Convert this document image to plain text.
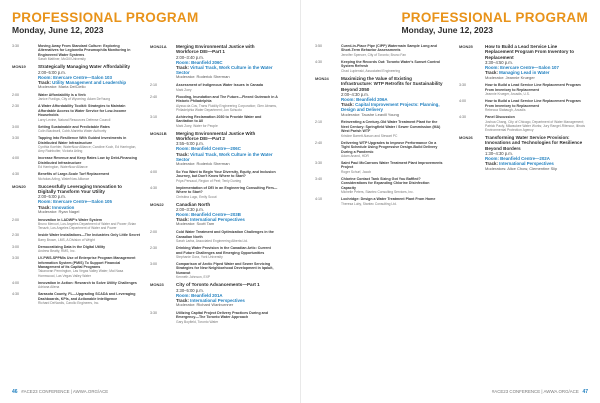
PROFESSIONAL PROGRAM
Monday, June 12, 2023
3:30	Moving Away From Standard Culture: Exploring Alternatives for Legionella Pneumophila Monitoring in Engineered Water Systems
Sarah Mattiner, McGill University
MON19	Strategically Managing Water Affordability
2:00–5:00 p.m.
Room: Enercare Centre—Salon 103
Track: Utility Management and Leadership
Moderator: Maria DelCiello
2:00	Water Affordability is a Verb
Janice Furdiga, City of Wyoming; Adam DeYoung
2:30	A Water Affordability Toolkit: Strategies to Maintain Affordable Access to Water Service for Low-Income Households
Larry Levine, Natural Resources Defense Council
3:00	Setting Sustainable and Predictable Rates
Colin Blackwell, Cobb-Marietta Water Authority
3:30	Tapping Into Resilience With Guided Investments in Distributed Water Infrastructure
Cynthia Koehler, WaterNow Alliance; Caroline Koch, Ed Harrington, Amy Rainbolter, Victoria Arling
4:00	Increase Revenue and Keep Rates Low by Debt-Financing Distributed Infrastructure
Ed Harrington, WaterNow Alliance
4:30	Benefits of Large-Scale Turf Replacement
Nicholas Arling, WaterNow Alliance
MON20	Successfully Leveraging Innovation to Digitally Transform Your Utility
2:00–5:00 p.m.
Room: Enercare Centre—Salon 105
Track: Innovation
Moderator: Ryan Nagel
2:00	Innovation in LADWP's Water System
Bruno Mercuri, Los Angeles Department of Water and Power; Brian Tenazb, Los Angeles Department of Water and Power
2:30	Inside Water Installations—The Industries Only Little Secret
Barry Brown, LMS, A Division of Wright
3:00	Democratizing Data in the Digital Utility
Andrew Beatty, RMS, Inc.
3:30	LV-PWS-SPPMis Use of Enterprise Program Management Information System (PMIS) To Support Financial Management of its Capital Programs
Takanoran Pennington, Las Vegas Valley Water; Mai Nasa Homswood, Las Vegas Valley Water
4:00	Innovation in Action: Research to Solve Utility Challenges
Adriana Allena
4:30	Sarasota County, FL—Upgrading SCADA and Leveraging Dashboards, KPIs, and Actionable Intelligence
Richard DeNardis, Carollo Engineers, Inc.
MON21A Merging Environmental Justice with Workforce DEI—Part 1
2:00–3:40 p.m.
Room: Beanfield 206C
Track: Virtual Track, Work Culture in the Water Sector
Moderator: Roderick Sherman
2:10	Assessment of Indigenous Water Issues in Canada
Mark Zoey
2:40	Flooding, Inundation and The Future—Flexed Outreach in A Historic Philadelphia
Alyssa da Cos, Trans Fluidity Engineering Corporation; Glen Abrams, Philadelphia Water Department; Jon Schuoto
3:10	Achieving Reclamation 2030 to Provide Water and Sanitation to All
Mark Zoey, Water for People
MON21B Merging Environmental Justice With Workforce DEI—Part 2
3:55–5:00 p.m.
Room: Beanfield Centre—206C
Track: Virtual Track, Work Culture in the Water Sector
Moderator: Roderick Sherman
4:00	So You Want to Begin Your Diversity, Equity, and Inclusion Journey, but Don't Know Where to Start?
Priya Persaud, Region of Peel; Tenly Dunleg
4:30	Implementation of DEI in an Engineering Consulting Firm—Where to Start?
Christina Lugo, Emily Scout
MON22	Canadian North
2:00–3:30 p.m.
Room: Beanfield Centre—203B
Track: International Perspectives
Moderator: Scott Tam
2:00	Cold Water Treatment and Optimization Challenges in the Canadian North
Sarah Larba, Associated Engineering Alberta Ltd.
2:30	Drinking Water Provision in the Canadian Artic: Current and Future Challenges and Emerging Opportunities
Stephanie Gora, York University
3:00	Comparison of Arctic Piped Water and Sewer Servicing Strategies for New Neighborhood Development in Iqaluit, Nunavut
Kenneth Johnson, EXP
MON23	City of Toronto Advancements—Part 1
3:30–5:00 p.m.
Room: Beanfield 201A
Track: International Perspectives
Moderator: Richard Wanburnner
3:30	Utilizing Capital Project Delivery Practices During and Emergency—The Toronto Water Approach
Gary Boyfield, Toronto Water
46 #ACE23 CONFERENCE | AWWA.ORG/ACE
PROFESSIONAL PROGRAM
Monday, June 12, 2023
3:50	Cured-in-Place Pipe (CIPP) Watermain Sample Long and Short-Term Behavior Assessments
Jennifer Spencer, City of Toronto; Bruno Fan
4:30	Keeping the Records Out: Toronto Water's Sunset Control System Refresh
Chad Lupienski, Associated Engineering
MON24	Maximizing the Value of Existing Infrastructure: WTP Retrofits for Sustainability Beyond 2050
2:00–4:30 p.m.
Room: Beanfield 206A
Track: Capital Improvement Projects: Planning, Design and Delivery
Moderator: Taushe Leavill Young
2:10	Reinventing a Century-Old Water Treatment Plant for the Next Century: Springfield Water / Sewer Commission (MA) West Parish WTF
Kristine Barrett-Nason and Stewart PC
2:40	Delivering WTP Upgrades to Improve Performance On a Tight Schedule Using Progressive Design-Build Delivery During a Pandemic
Adam Anand, HDR
3:30	Saint Paul McCarrons Water Treatment Plant Improvements Project
Roger Schurf, Jacob
3:40	Chlorine Contact Tank Sizing Got You Baffled? Considerations for Expanding Chlorine Disinfection Capacity
Michelle Peters, Stantec Consulting Services, Inc.
4:10	Lochridge: Design a Water Treatment Plant From Home
Theresa Luby, Stantec Consulting Ltd.
MON25	How to Build a Lead Service Line Replacement Program From Inventory to Replacement
3:30–4:50 p.m.
Room: Enercare Centre—Salon 107
Track: Managing Lead in Water
Moderator: Jeannie Krueger
3:30	How to Build a Lead Service Line Replacement Program From Inventory to Replacement
Jeannie Krueger, Arcadis, U.S.
4:00	How to Build a Lead Service Line Replacement Program From Inventory to Replacement
Rebecca Slabaugh, Arcadis
4:30	Panel Discussion
Joshua Chang, City of Chicago, Department of Water Management; Patrick Pauly, Milwaukee Water Works; Jury Rangel-Ritenour, Illinois Environmental Protection Agency
MON26	Transforming Water Service Provision: Innovations and Technologies for Resilience Beyond Borders
1:30–4:30 p.m.
Room: Beanfield Centre—202A
Track: International Perspectives
Moderators: Alice Chow, Clementine Slip
#ACE23 CONFERENCE | AWWA.ORG/ACE 47
